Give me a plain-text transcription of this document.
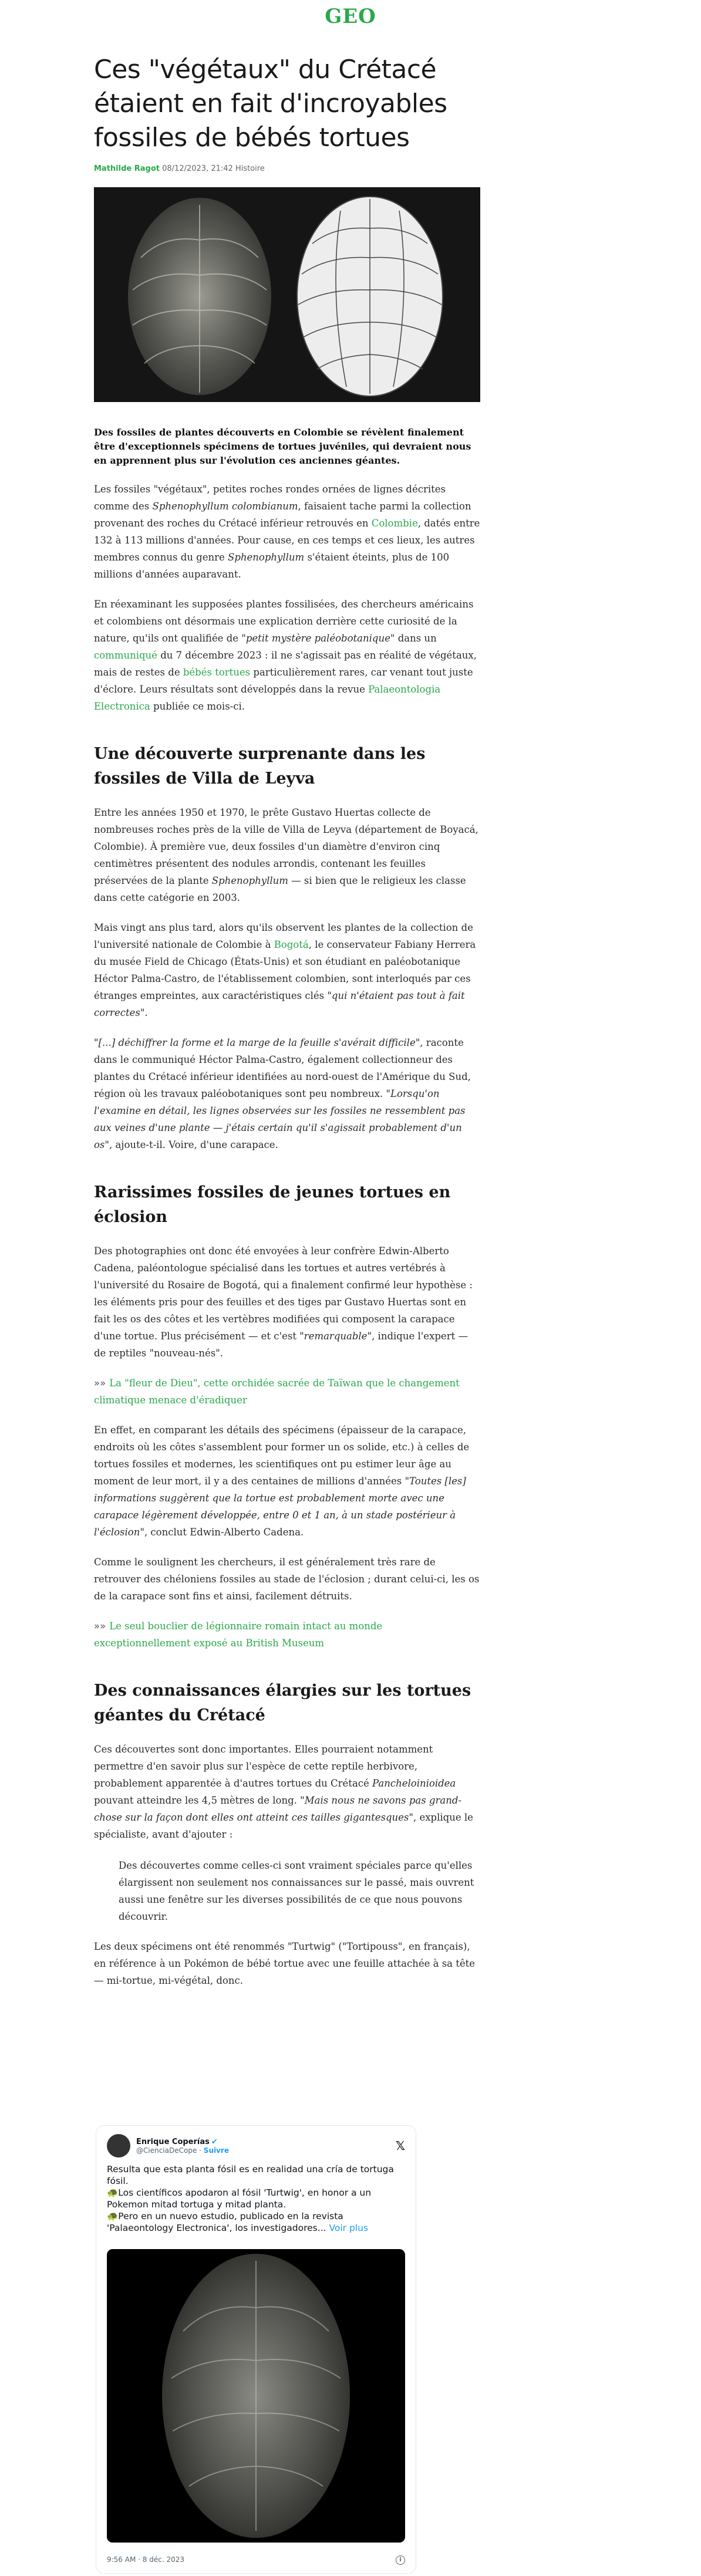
GEO
Ces "végétaux" du Crétacé étaient en fait d'incroyables fossiles de bébés tortues
Mathilde Ragot 08/12/2023, 21:42 Histoire

Des fossiles de plantes découverts en Colombie se révèlent finalement être d'exceptionnels spécimens de tortues juvéniles, qui devraient nous en apprennent plus sur l'évolution ces anciennes géantes.

Les fossiles "végétaux", petites roches rondes ornées de lignes décrites comme des Sphenophyllum colombianum, faisaient tache parmi la collection provenant des roches du Crétacé inférieur retrouvés en Colombie, datés entre 132 à 113 millions d'années. Pour cause, en ces temps et ces lieux, les autres membres connus du genre Sphenophyllum s'étaient éteints, plus de 100 millions d'années auparavant.

En réexaminant les supposées plantes fossilisées, des chercheurs américains et colombiens ont désormais une explication derrière cette curiosité de la nature, qu'ils ont qualifiée de "petit mystère paléobotanique" dans un communiqué du 7 décembre 2023 : il ne s'agissait pas en réalité de végétaux, mais de restes de bébés tortues particulièrement rares, car venant tout juste d'éclore. Leurs résultats sont développés dans la revue Palaeontologia Electronica publiée ce mois-ci.

Une découverte surprenante dans les fossiles de Villa de Leyva

Entre les années 1950 et 1970, le prête Gustavo Huertas collecte de nombreuses roches près de la ville de Villa de Leyva (département de Boyacá, Colombie). À première vue, deux fossiles d'un diamètre d'environ cinq centimètres présentent des nodules arrondis, contenant les feuilles préservées de la plante Sphenophyllum — si bien que le religieux les classe dans cette catégorie en 2003.

Mais vingt ans plus tard, alors qu'ils observent les plantes de la collection de l'université nationale de Colombie à Bogotá, le conservateur Fabiany Herrera du musée Field de Chicago (États-Unis) et son étudiant en paléobotanique Héctor Palma-Castro, de l'établissement colombien, sont interloqués par ces étranges empreintes, aux caractéristiques clés "qui n'étaient pas tout à fait correctes".

"[...] déchiffrer la forme et la marge de la feuille s'avérait difficile", raconte dans le communiqué Héctor Palma-Castro, également collectionneur des plantes du Crétacé inférieur identifiées au nord-ouest de l'Amérique du Sud, région où les travaux paléobotaniques sont peu nombreux. "Lorsqu'on l'examine en détail, les lignes observées sur les fossiles ne ressemblent pas aux veines d'une plante — j'étais certain qu'il s'agissait probablement d'un os", ajoute-t-il. Voire, d'une carapace.

Rarissimes fossiles de jeunes tortues en éclosion

Des photographies ont donc été envoyées à leur confrère Edwin-Alberto Cadena, paléontologue spécialisé dans les tortues et autres vertébrés à l'université du Rosaire de Bogotá, qui a finalement confirmé leur hypothèse : les éléments pris pour des feuilles et des tiges par Gustavo Huertas sont en fait les os des côtes et les vertèbres modifiées qui composent la carapace d'une tortue. Plus précisément — et c'est "remarquable", indique l'expert — de reptiles "nouveau-nés".

»» La "fleur de Dieu", cette orchidée sacrée de Taïwan que le changement climatique menace d'éradiquer

En effet, en comparant les détails des spécimens (épaisseur de la carapace, endroits où les côtes s'assemblent pour former un os solide, etc.) à celles de tortues fossiles et modernes, les scientifiques ont pu estimer leur âge au moment de leur mort, il y a des centaines de millions d'années "Toutes [les] informations suggèrent que la tortue est probablement morte avec une carapace légèrement développée, entre 0 et 1 an, à un stade postérieur à l'éclosion", conclut Edwin-Alberto Cadena.

Comme le soulignent les chercheurs, il est généralement très rare de retrouver des chéloniens fossiles au stade de l'éclosion ; durant celui-ci, les os de la carapace sont fins et ainsi, facilement détruits.

»» Le seul bouclier de légionnaire romain intact au monde exceptionnellement exposé au British Museum

Des connaissances élargies sur les tortues géantes du Crétacé

Ces découvertes sont donc importantes. Elles pourraient notamment permettre d'en savoir plus sur l'espèce de cette reptile herbivore, probablement apparentée à d'autres tortues du Crétacé Pancheloinioidea pouvant atteindre les 4,5 mètres de long. "Mais nous ne savons pas grand-chose sur la façon dont elles ont atteint ces tailles gigantesques", explique le spécialiste, avant d'ajouter :

Des découvertes comme celles-ci sont vraiment spéciales parce qu'elles élargissent non seulement nos connaissances sur le passé, mais ouvrent aussi une fenêtre sur les diverses possibilités de ce que nous pouvons découvrir.

Les deux spécimens ont été renommés "Turtwig" ("Tortipouss", en français), en référence à un Pokémon de bébé tortue avec une feuille attachée à sa tête — mi-tortue, mi-végétal, donc.

Enrique Coperías ✔
@CienciaDeCope · Suivre	𝕏
Resulta que esta planta fósil es en realidad una cría de tortuga fósil.
🐢Los científicos apodaron al fósil 'Turtwig', en honor a un Pokemon mitad tortuga y mitad planta.
🐢Pero en un nuevo estudio, publicado en la revista 'Palaeontology Electronica', los investigadores... Voir plus
9:56 AM · 8 déc. 2023	i
